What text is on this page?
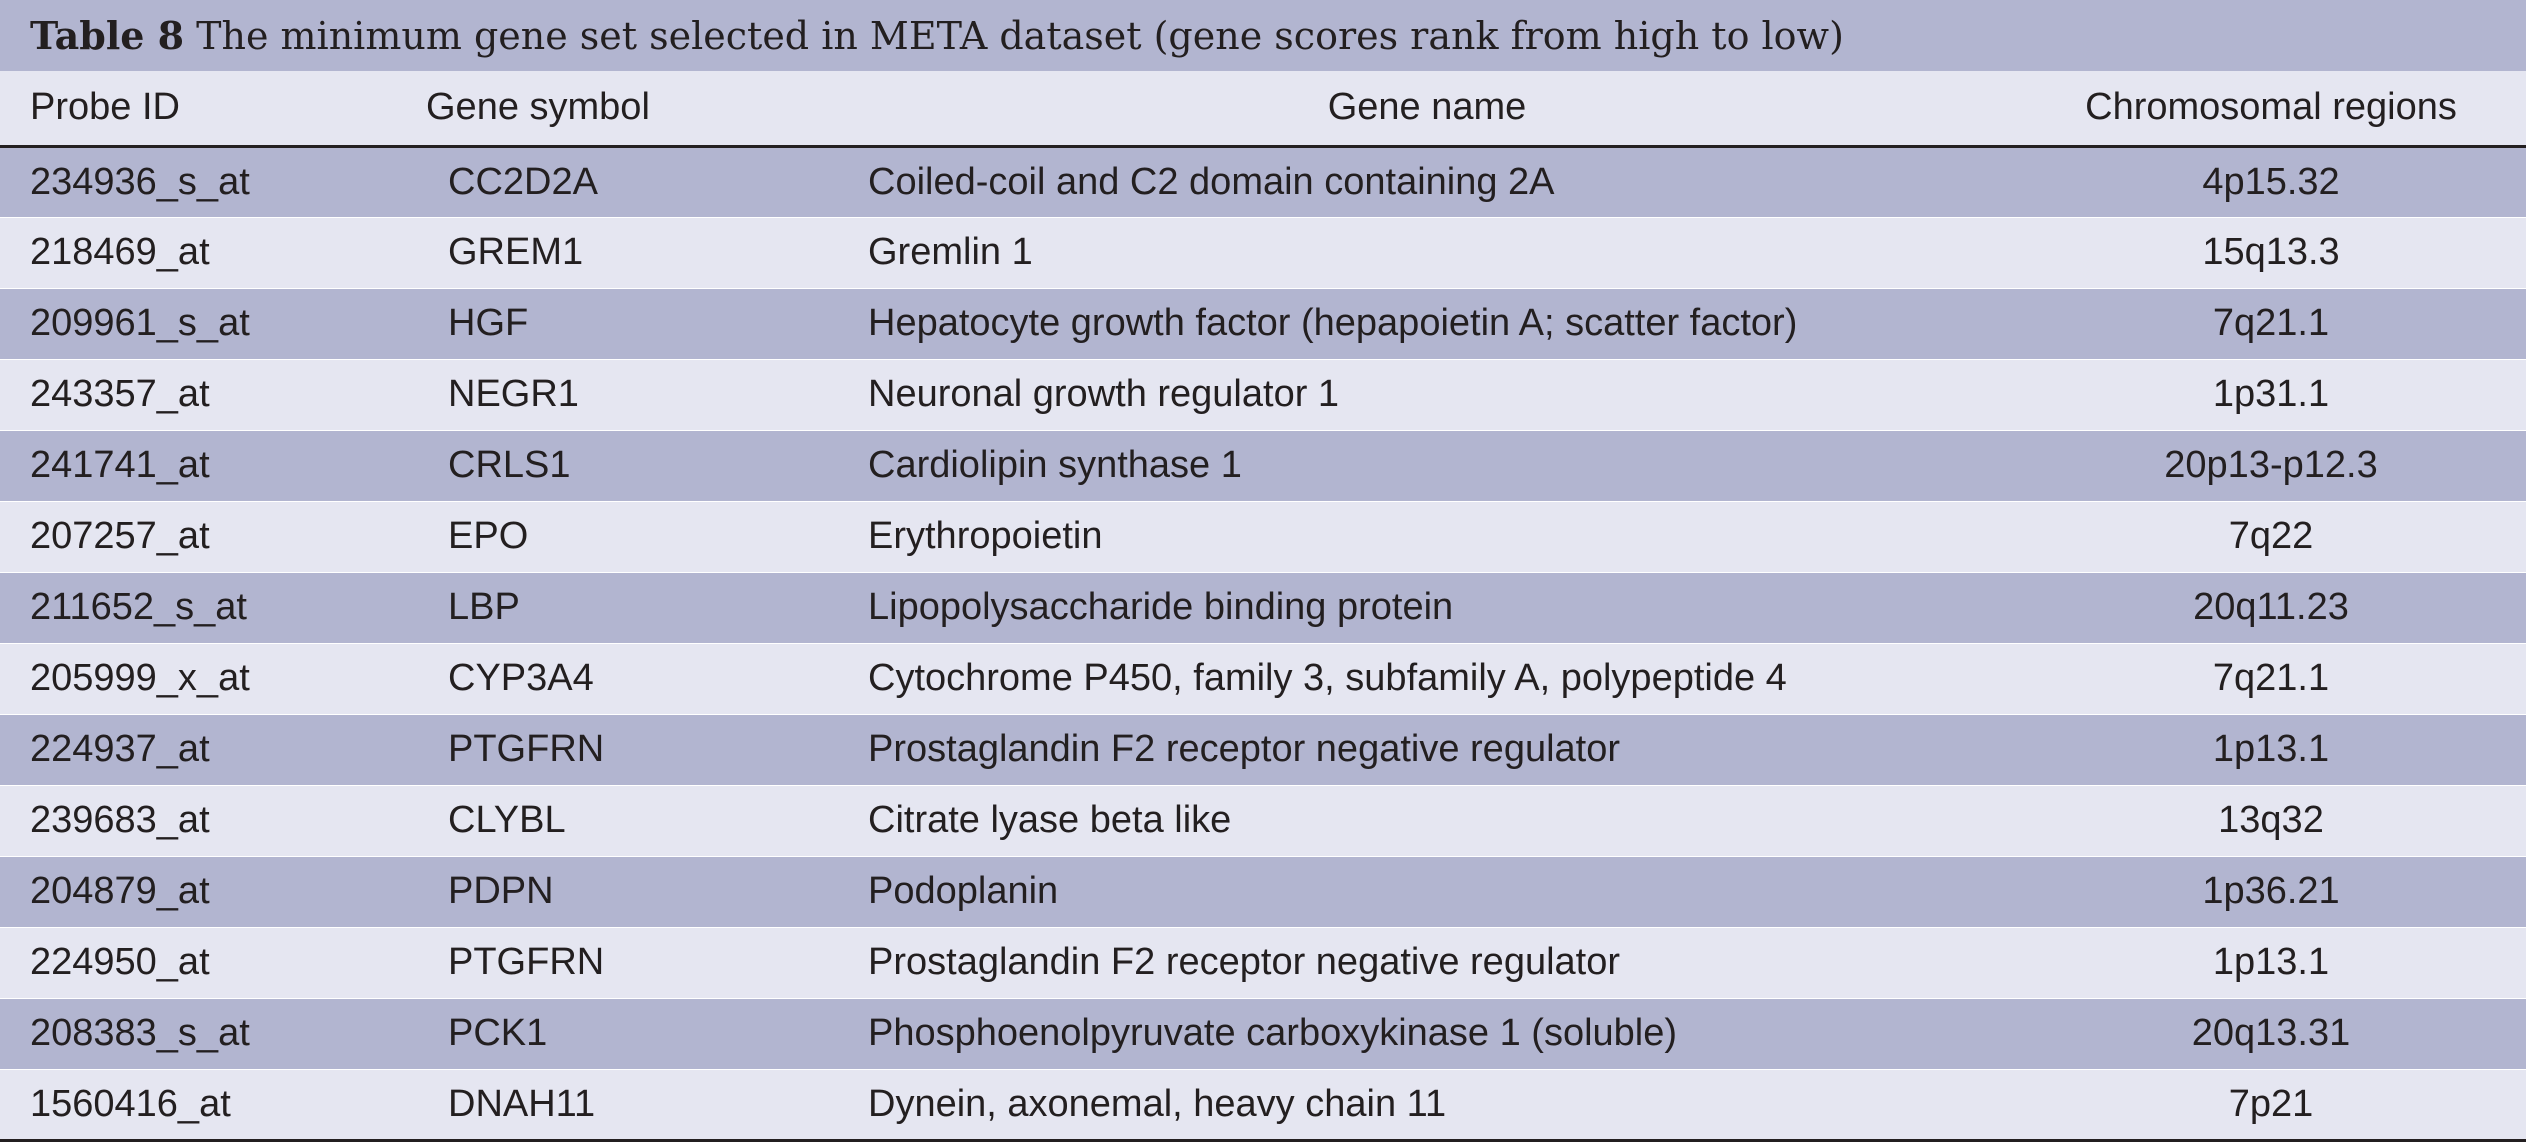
Table 8 The minimum gene set selected in META dataset (gene scores rank from high to low)
Probe ID	Gene symbol	Gene name	Chromosomal regions
234936_s_at	CC2D2A	Coiled-coil and C2 domain containing 2A	4p15.32
218469_at	GREM1	Gremlin 1	15q13.3
209961_s_at	HGF	Hepatocyte growth factor (hepapoietin A; scatter factor)	7q21.1
243357_at	NEGR1	Neuronal growth regulator 1	1p31.1
241741_at	CRLS1	Cardiolipin synthase 1	20p13-p12.3
207257_at	EPO	Erythropoietin	7q22
211652_s_at	LBP	Lipopolysaccharide binding protein	20q11.23
205999_x_at	CYP3A4	Cytochrome P450, family 3, subfamily A, polypeptide 4	7q21.1
224937_at	PTGFRN	Prostaglandin F2 receptor negative regulator	1p13.1
239683_at	CLYBL	Citrate lyase beta like	13q32
204879_at	PDPN	Podoplanin	1p36.21
224950_at	PTGFRN	Prostaglandin F2 receptor negative regulator	1p13.1
208383_s_at	PCK1	Phosphoenolpyruvate carboxykinase 1 (soluble)	20q13.31
1560416_at	DNAH11	Dynein, axonemal, heavy chain 11	7p21
